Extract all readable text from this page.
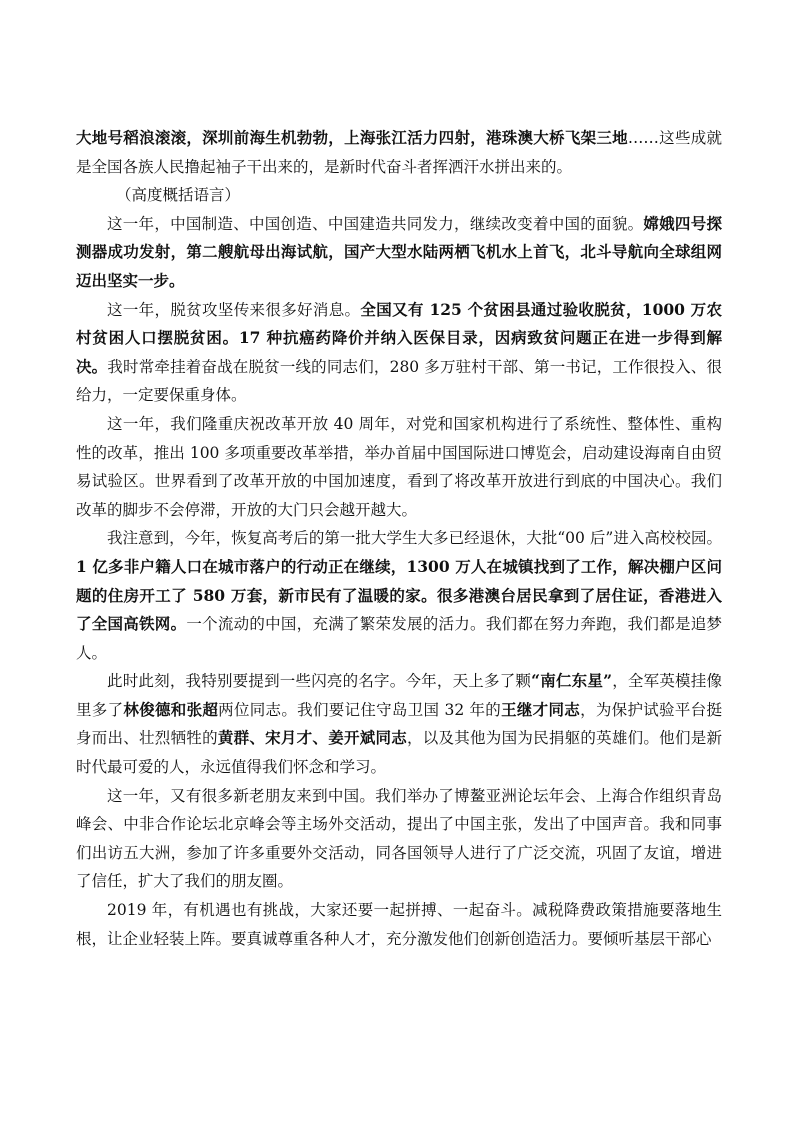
大地号稻浪滚滚，深圳前海生机勃勃，上海张江活力四射，港珠澳大桥飞架三地……这些成就是全国各族人民撸起袖子干出来的，是新时代奋斗者挥洒汗水拼出来的。

（高度概括语言）

这一年，中国制造、中国创造、中国建造共同发力，继续改变着中国的面貌。嫦娥四号探测器成功发射，第二艘航母出海试航，国产大型水陆两栖飞机水上首飞，北斗导航向全球组网迈出坚实一步。

这一年，脱贫攻坚传来很多好消息。全国又有 125 个贫困县通过验收脱贫，1000 万农村贫困人口摆脱贫困。17 种抗癌药降价并纳入医保目录，因病致贫问题正在进一步得到解决。我时常牵挂着奋战在脱贫一线的同志们，280 多万驻村干部、第一书记，工作很投入、很给力，一定要保重身体。

这一年，我们隆重庆祝改革开放 40 周年，对党和国家机构进行了系统性、整体性、重构性的改革，推出 100 多项重要改革举措，举办首届中国国际进口博览会，启动建设海南自由贸易试验区。世界看到了改革开放的中国加速度，看到了将改革开放进行到底的中国决心。我们改革的脚步不会停滞，开放的大门只会越开越大。

我注意到，今年，恢复高考后的第一批大学生大多已经退休，大批“00 后”进入高校校园。1 亿多非户籍人口在城市落户的行动正在继续，1300 万人在城镇找到了工作，解决棚户区问题的住房开工了 580 万套，新市民有了温暖的家。很多港澳台居民拿到了居住证，香港进入了全国高铁网。一个流动的中国，充满了繁荣发展的活力。我们都在努力奔跑，我们都是追梦人。

此时此刻，我特别要提到一些闪亮的名字。今年，天上多了颗“南仁东星”，全军英模挂像里多了林俊德和张超两位同志。我们要记住守岛卫国 32 年的王继才同志，为保护试验平台挺身而出、壮烈牺牲的黄群、宋月才、姜开斌同志，以及其他为国为民捐躯的英雄们。他们是新时代最可爱的人，永远值得我们怀念和学习。

这一年，又有很多新老朋友来到中国。我们举办了博鳌亚洲论坛年会、上海合作组织青岛峰会、中非合作论坛北京峰会等主场外交活动，提出了中国主张，发出了中国声音。我和同事们出访五大洲，参加了许多重要外交活动，同各国领导人进行了广泛交流，巩固了友谊，增进了信任，扩大了我们的朋友圈。

2019 年，有机遇也有挑战，大家还要一起拼搏、一起奋斗。减税降费政策措施要落地生根，让企业轻装上阵。要真诚尊重各种人才，充分激发他们创新创造活力。要倾听基层干部心
